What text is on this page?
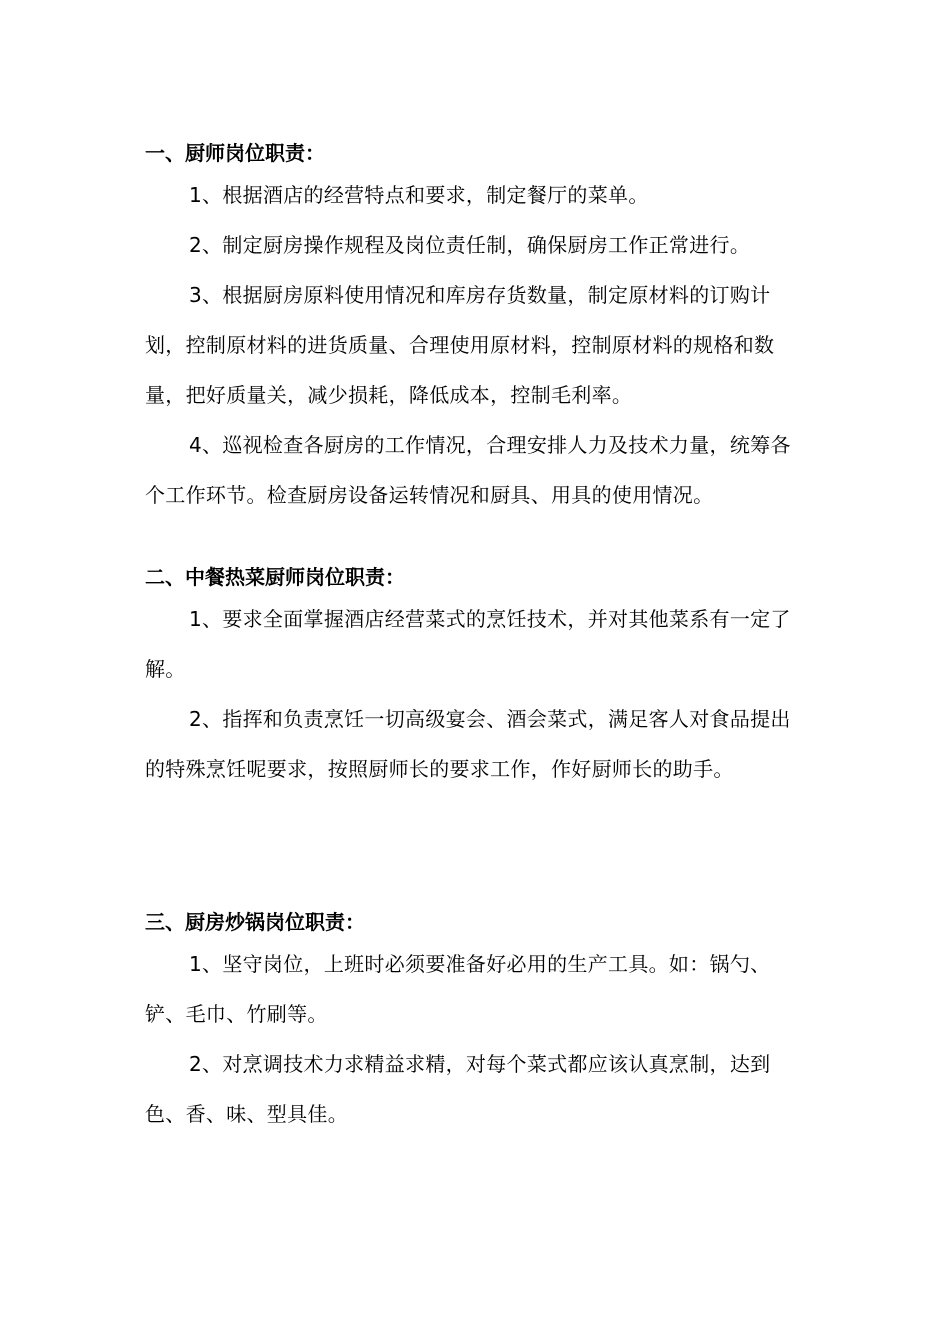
一、厨师岗位职责：

1、根据酒店的经营特点和要求，制定餐厅的菜单。

2、制定厨房操作规程及岗位责任制，确保厨房工作正常进行。

3、根据厨房原料使用情况和库房存货数量，制定原材料的订购计划，控制原材料的进货质量、合理使用原材料，控制原材料的规格和数量，把好质量关，减少损耗，降低成本，控制毛利率。

4、巡视检查各厨房的工作情况，合理安排人力及技术力量，统筹各个工作环节。检查厨房设备运转情况和厨具、用具的使用情况。

二、中餐热菜厨师岗位职责：

1、要求全面掌握酒店经营菜式的烹饪技术，并对其他菜系有一定了解。

2、指挥和负责烹饪一切高级宴会、酒会菜式，满足客人对食品提出的特殊烹饪呢要求，按照厨师长的要求工作，作好厨师长的助手。

三、厨房炒锅岗位职责：

1、坚守岗位，上班时必须要准备好必用的生产工具。如：锅勺、铲、毛巾、竹刷等。

2、对烹调技术力求精益求精，对每个菜式都应该认真烹制，达到色、香、味、型具佳。
